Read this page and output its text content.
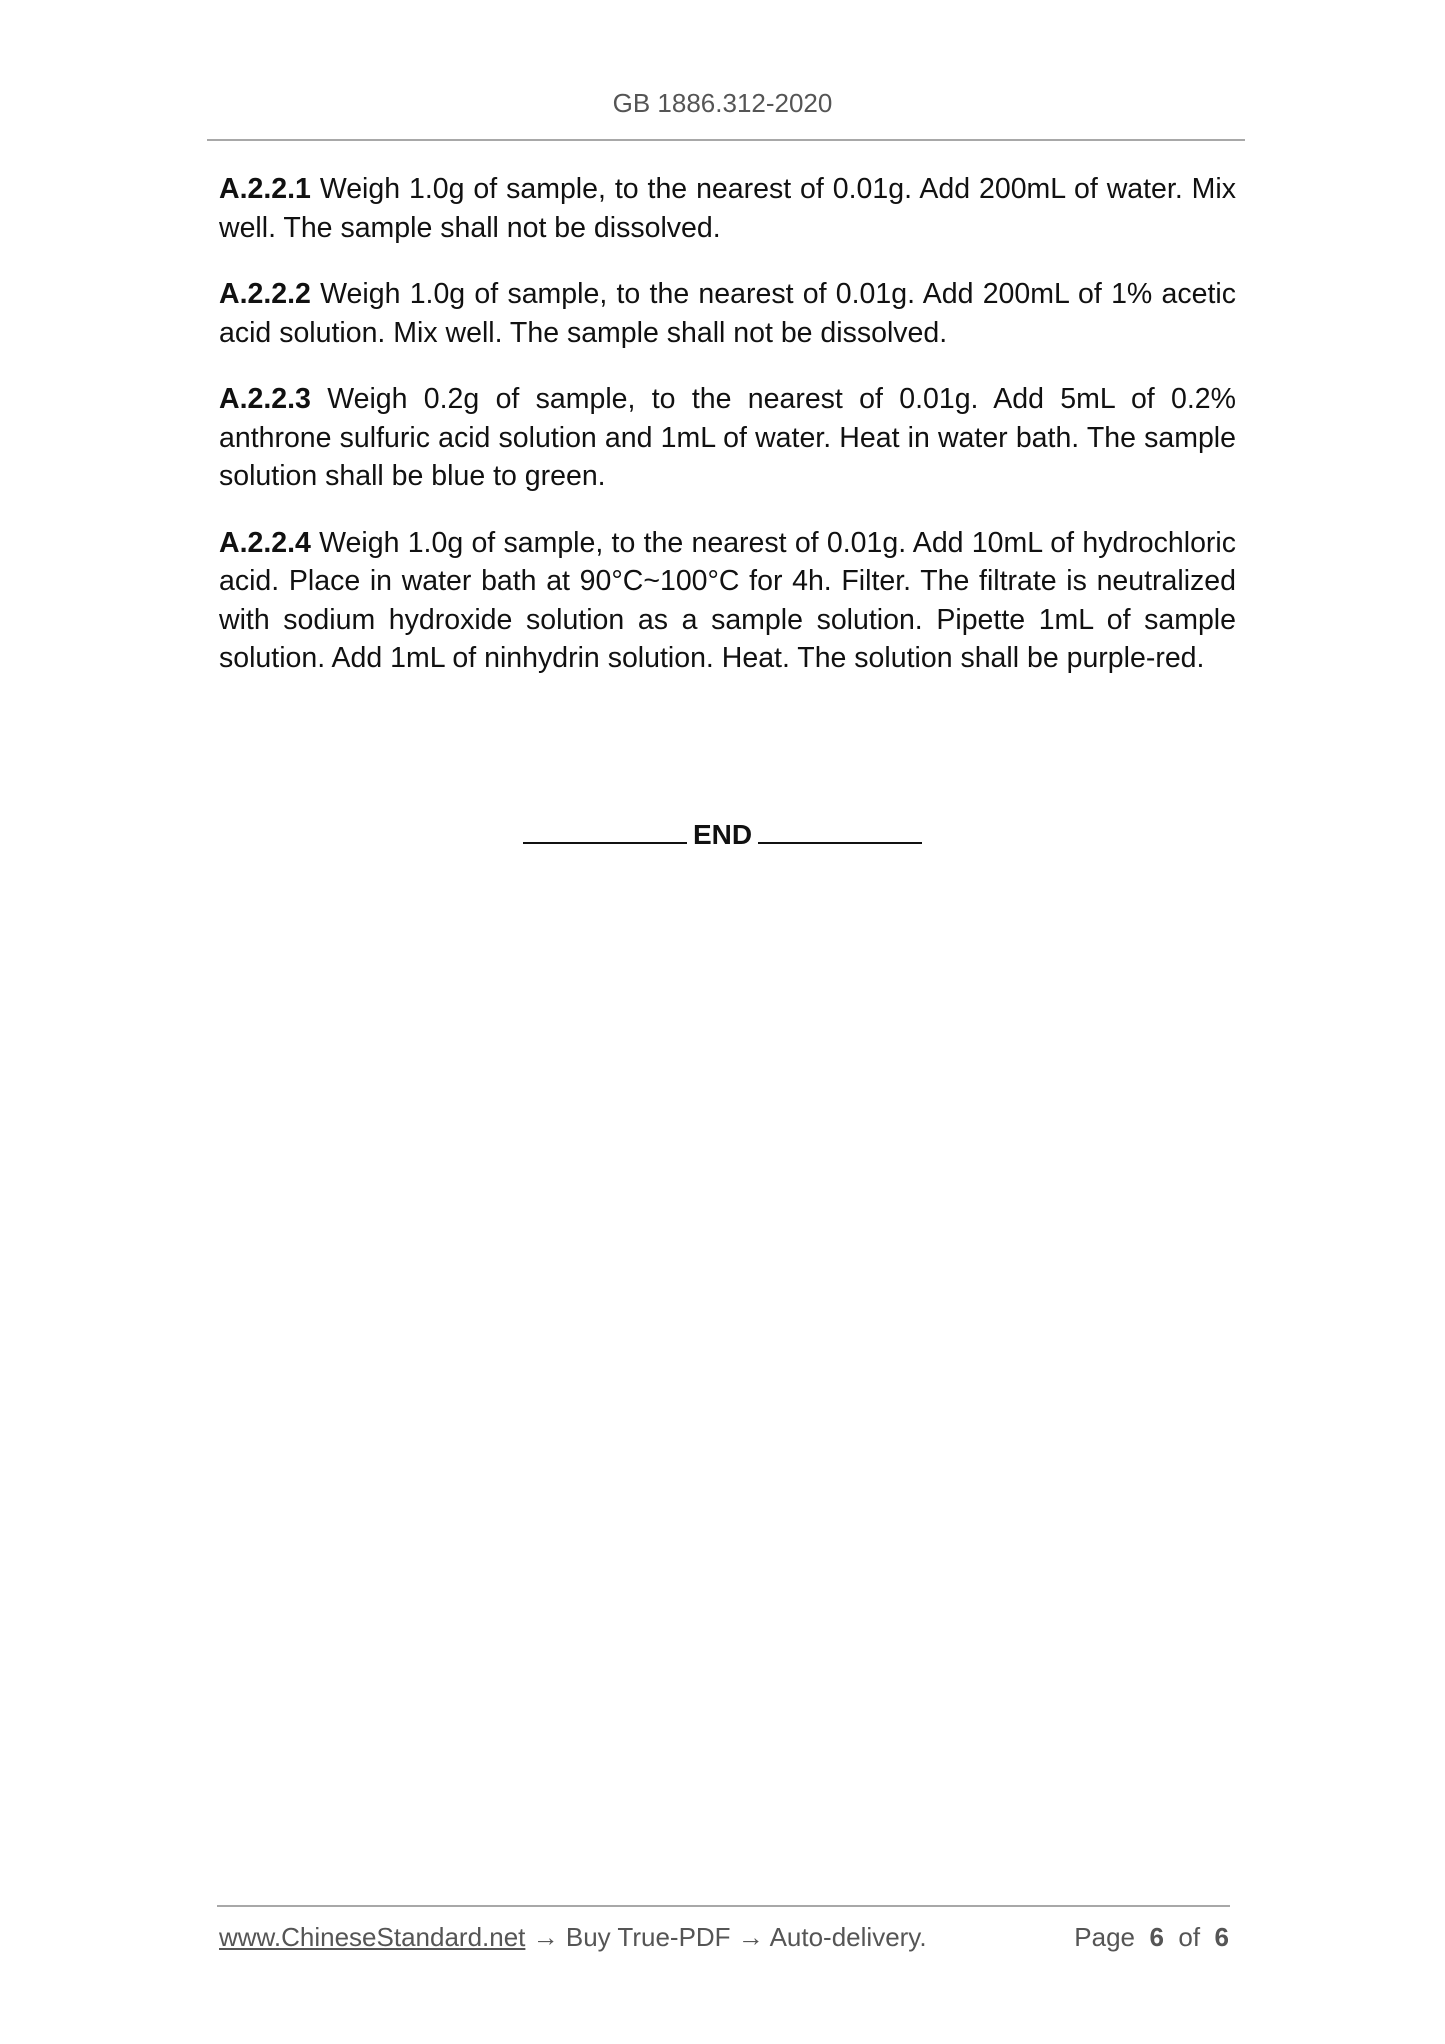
GB 1886.312-2020

A.2.2.1 Weigh 1.0g of sample, to the nearest of 0.01g. Add 200mL of water. Mix well. The sample shall not be dissolved.

A.2.2.2 Weigh 1.0g of sample, to the nearest of 0.01g. Add 200mL of 1% acetic acid solution. Mix well. The sample shall not be dissolved.

A.2.2.3 Weigh 0.2g of sample, to the nearest of 0.01g. Add 5mL of 0.2% anthrone sulfuric acid solution and 1mL of water. Heat in water bath. The sample solution shall be blue to green.

A.2.2.4 Weigh 1.0g of sample, to the nearest of 0.01g. Add 10mL of hydrochloric acid. Place in water bath at 90°C~100°C for 4h. Filter. The filtrate is neutralized with sodium hydroxide solution as a sample solution. Pipette 1mL of sample solution. Add 1mL of ninhydrin solution. Heat. The solution shall be purple-red.

END
www.ChineseStandard.net → Buy True-PDF → Auto-delivery.	Page 6 of 6
